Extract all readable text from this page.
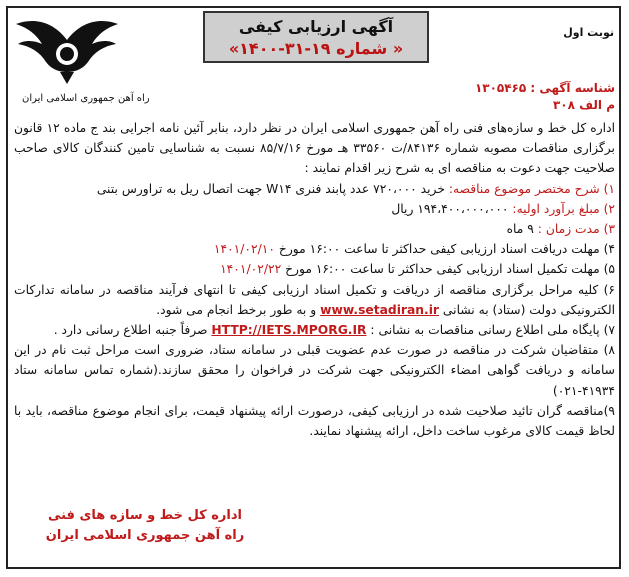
راه آهن جمهوری اسلامی ایران
آگهی ارزیابی کیفی
« شماره ۱۹-۳۱-۱۴۰۰»
نوبت اول
شناسه آگهی : ۱۳۰۵۴۶۵
م الف ۳۰۸

اداره کل خط و سازه‌های فنی راه آهن جمهوری اسلامی ایران در نظر دارد، بنابر آئین نامه اجرایی بند ج ماده ۱۲ قانون برگزاری مناقصات مصوبه شماره ۸۴۱۳۶/ت ۳۳۵۶۰ هـ مورخ ۸۵/۷/۱۶ نسبت به شناسایی تامین کنندگان کالای صاحب صلاحیت جهت دعوت به مناقصه ای به شرح زیر اقدام نمایند :

۱) شرح مختصر موضوع مناقصه: خرید ۷۲۰،۰۰۰ عدد پابند فنری W۱۴ جهت اتصال ریل به تراورس بتنی

۲) مبلغ برآورد اولیه: ۱۹۴،۴۰۰،۰۰۰،۰۰۰ ریال

۳) مدت زمان : ۹ ماه

۴) مهلت دریافت اسناد ارزیابی کیفی حداکثر تا ساعت ۱۶:۰۰ مورخ ۱۴۰۱/۰۲/۱۰

۵) مهلت تکمیل اسناد ارزیابی کیفی حداکثر تا ساعت ۱۶:۰۰ مورخ ۱۴۰۱/۰۲/۲۲

۶) کلیه مراحل برگزاری مناقصه از دریافت و تکمیل اسناد ارزیابی کیفی تا انتهای فرآیند مناقصه در سامانه تدارکات الکترونیکی دولت (ستاد) به نشانی www.setadiran.ir و به طور برخط انجام می شود.

۷) پایگاه ملی اطلاع رسانی مناقصات به نشانی : HTTP://IETS.MPORG.IR صرفاً جنبه اطلاع رسانی دارد .

۸) متقاضیان شرکت در مناقصه در صورت عدم عضویت قبلی در سامانه ستاد، ضروری است مراحل ثبت نام در این سامانه و دریافت گواهی امضاء الکترونیکی جهت شرکت در فراخوان را محقق سازند.(شماره تماس سامانه ستاد ۴۱۹۳۴-۰۲۱)

۹)مناقصه گران تائید صلاحیت شده در ارزیابی کیفی، درصورت ارائه پیشنهاد قیمت، برای انجام موضوع مناقصه، باید با لحاظ قیمت کالای مرغوب ساخت داخل، ارائه پیشنهاد نمایند.

اداره کل خط و سازه های فنی
راه آهن جمهوری اسلامی ایران
